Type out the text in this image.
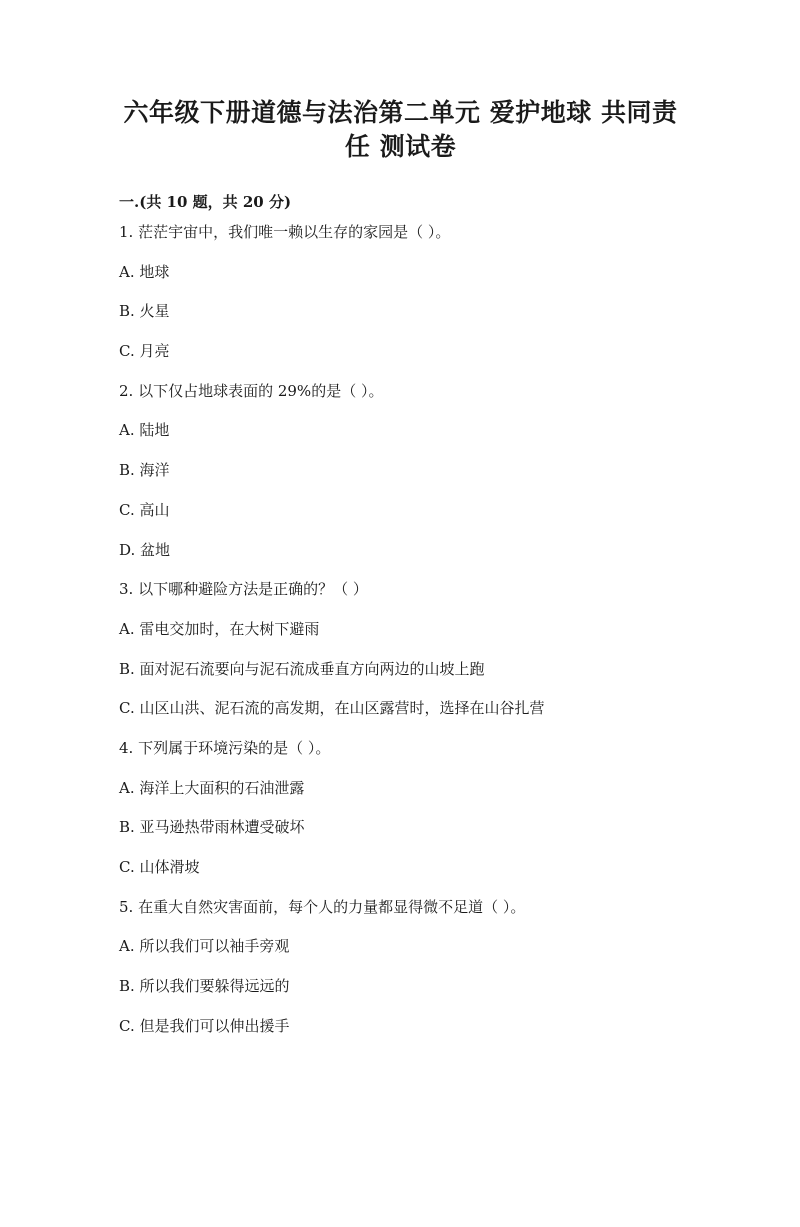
六年级下册道德与法治第二单元 爱护地球 共同责
任 测试卷
一.(共 10 题，共 20 分)
1. 茫茫宇宙中，我们唯一赖以生存的家园是（ ）。
A. 地球
B. 火星
C. 月亮
2. 以下仅占地球表面的 29%的是（ ）。
A. 陆地
B. 海洋
C. 高山
D. 盆地
3. 以下哪种避险方法是正确的？（ ）
A. 雷电交加时，在大树下避雨
B. 面对泥石流要向与泥石流成垂直方向两边的山坡上跑
C. 山区山洪、泥石流的高发期，在山区露营时，选择在山谷扎营
4. 下列属于环境污染的是（ ）。
A. 海洋上大面积的石油泄露
B. 亚马逊热带雨林遭受破坏
C. 山体滑坡
5. 在重大自然灾害面前，每个人的力量都显得微不足道（ ）。
A. 所以我们可以袖手旁观
B. 所以我们要躲得远远的
C. 但是我们可以伸出援手
